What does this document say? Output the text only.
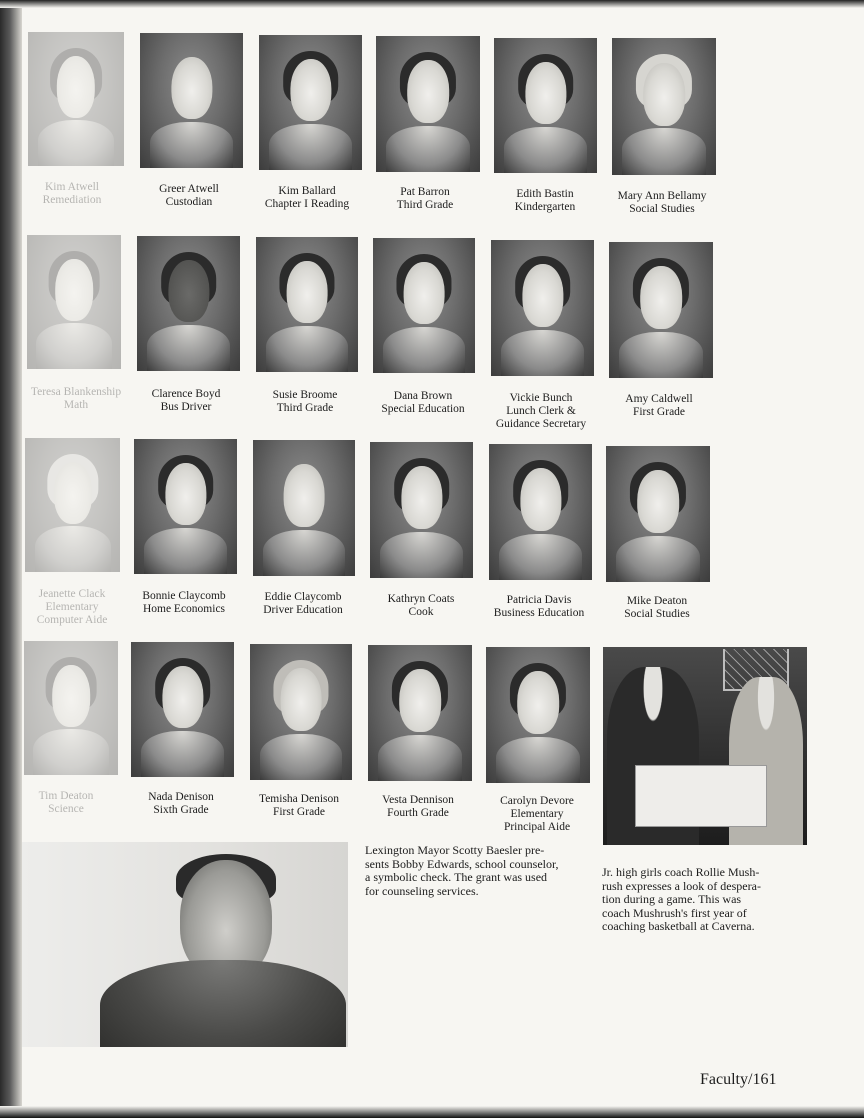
Kim Atwell
Remediation
Greer Atwell
Custodian
Kim Ballard
Chapter I Reading
Pat Barron
Third Grade
Edith Bastin
Kindergarten
Mary Ann Bellamy
Social Studies
Teresa Blankenship
Math
Clarence Boyd
Bus Driver
Susie Broome
Third Grade
Dana Brown
Special Education
Vickie Bunch
Lunch Clerk &
Guidance Secretary
Amy Caldwell
First Grade
Jeanette Clack
Elementary
Computer Aide
Bonnie Claycomb
Home Economics
Eddie Claycomb
Driver Education
Kathryn Coats
Cook
Patricia Davis
Business Education
Mike Deaton
Social Studies
Tim Deaton
Science
Nada Denison
Sixth Grade
Temisha Denison
First Grade
Vesta Dennison
Fourth Grade
Carolyn Devore
Elementary
Principal Aide
Lexington Mayor Scotty Baesler pre-
sents Bobby Edwards, school counselor,
a symbolic check. The grant was used
for counseling services.
Jr. high girls coach Rollie Mush-
rush expresses a look of despera-
tion during a game. This was
coach Mushrush's first year of
coaching basketball at Caverna.
Faculty/161
